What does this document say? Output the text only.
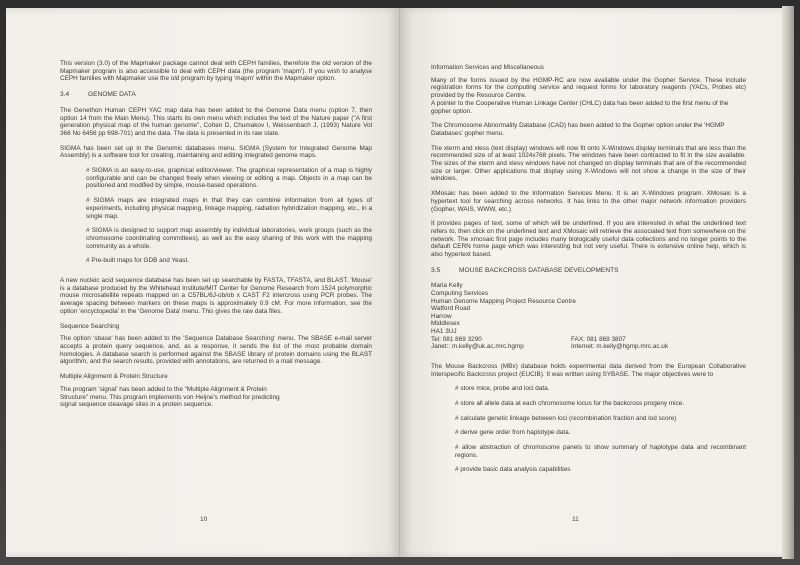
This version (3.0) of the Mapmaker package cannot deal with CEPH families, therefore the old version of the Mapmaker program is also accessible to deal with CEPH data (the program 'mapm'). If you wish to analyse CEPH families with Mapmaker use the old program by typing 'mapm' within the Mapmaker option.

3.4	GENOME DATA

The Genethon Human CEPH YAC map data has been added to the Genome Data menu (option 7, then option 14 from the Main Menu). This starts its own menu which includes the text of the Nature paper ("A first generation physical map of the human genome", Cohen D, Chumakov I, Weissenbach J, (1993) Nature Vol 366 No 6456 pp 698-701) and the data. The data is presented in its raw state.

SIGMA has been set up in the Genomic databases menu. SIGMA (System for Integrated Genome Map Assembly) is a software tool for creating, maintaining and editing integrated genome maps.

# SIGMA is an easy-to-use, graphical editor/viewer. The graphical representation of a map is highly configurable and can be changed freely when viewing or editing a map. Objects in a map can be positioned and modified by simple, mouse-based operations.
# SIGMA maps are integrated maps in that they can combine information from all types of experiments, including physical mapping, linkage mapping, radiation hybridization mapping, etc., in a single map.
# SIGMA is designed to support map assembly by individual laboratories, work groups (such as the chromosome coordinating committees), as well as the easy sharing of this work with the mapping community as a whole.
# Pre-built maps for GDB and Yeast.

A new nucleic acid sequence database has been set up searchable by FASTA, TFASTA, and BLAST. 'Mouse' is a database produced by the Whitehead Institute/MIT Center for Genome Research from 1524 polymorphic mouse microsatellite repeats mapped on a C57BL/6J-ob/ob x CAST F2 intercross using PCR probes. The average spacing between markers on these maps is approximately 0.9 cM. For more information, see the option 'encyclopedia' in the 'Genome Data' menu. This gives the raw data files.

Sequence Searching

The option 'sbase' has been added to the 'Sequence Database Searching' menu. The SBASE e-mail server accepts a protein query sequence, and, as a response, it sends the list of the most probable domain homologies. A database search is performed against the SBASE library of protein domains using the BLAST algorithm, and the search results, provided with annotations, are returned in a mail message.

Multiple Alignment & Protein Structure

The program 'signal' has been added to the "Multiple Alignment & Protein Structure" menu. This program implements von Heijne's method for predicting signal sequence cleavage sites in a protein sequence.

10

Information Services and Miscellaneous

Many of the forms issued by the HGMP-RC are now available under the Gopher Service. These include registration forms for the computing service and request forms for laboratory reagents (YACs, Probes etc) provided by the Resource Centre.

A pointer to the Cooperative Human Linkage Center (CHLC) data has been added to the first menu of the gopher option.

The Chromosome Abnormality Database (CAD) has been added to the Gopher option under the 'HGMP Databases' gopher menu.

The xterm and xless (text display) windows will now fit onto X-Windows display terminals that are less than the recommended size of at least 1024x768 pixels. The windows have been contracted to fit in the size available. The sizes of the xterm and xless windows have not changed on display terminals that are of the recommended size or larger. Other applications that display using X-Windows will not show a change in the size of their windows.

XMosaic has been added to the Information Services Menu. It is an X-Windows program. XMosaic is a hypertext tool for searching across networks. It has links to the other major network information providers (Gopher, WAIS, WWW, etc.)

It provides pages of text, some of which will be underlined. If you are interested in what the underlined text refers to, then click on the underlined text and XMosaic will retrieve the associated text from somewhere on the network. The xmosaic first page includes many biologically useful data collections and no longer points to the default CERN home page which was interesting but not very useful. There is extensive online help, which is also hypertext based.

3.5	MOUSE BACKCROSS DATABASE DEVELOPMENTS
Maria Kelly
Computing Services
Human Genome Mapping Project Resource Centre
Watford Road
Harrow
Middlesex
HA1 3UJ
Tel: 081 869 3290	FAX: 081 869 3807
Janet:: m.kelly@uk.ac.mrc.hgmp	Internet: m.kelly@hgmp.mrc.ac.uk

The Mouse Backcross (MBx) database holds experimental data derived from the European Collaborative Interspecific Backcross project (EUCIB). It was written using SYBASE. The major objectives were to

# store mice, probe and loci data.
# store all allele data at each chromosome locus for the backcross progeny mice.
# calculate genetic linkage between loci (recombination fraction and lod score)
# derive gene order from haplotype data.
# allow abstraction of chromosome panels to show summary of haplotype data and recombinant regions.
# provide basic data analysis capabilities
11
